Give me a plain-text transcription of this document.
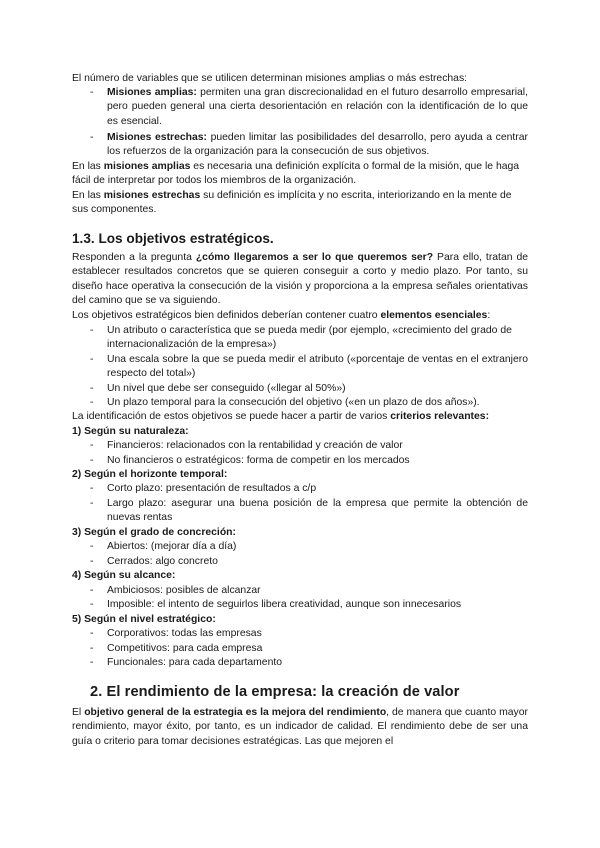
El número de variables que se utilicen determinan misiones amplias o más estrechas:

- Misiones amplias: permiten una gran discrecionalidad en el futuro desarrollo empresarial, pero pueden general una cierta desorientación en relación con la identificación de lo que es esencial.

- Misiones estrechas: pueden limitar las posibilidades del desarrollo, pero ayuda a centrar los refuerzos de la organización para la consecución de sus objetivos.

En las misiones amplias es necesaria una definición explícita o formal de la misión, que le haga fácil de interpretar por todos los miembros de la organización.

En las misiones estrechas su definición es implícita y no escrita, interiorizando en la mente de sus componentes.

1.3. Los objetivos estratégicos.

Responden a la pregunta ¿cómo llegaremos a ser lo que queremos ser? Para ello, tratan de establecer resultados concretos que se quieren conseguir a corto y medio plazo. Por tanto, su diseño hace operativa la consecución de la visión y proporciona a la empresa señales orientativas del camino que se va siguiendo.

Los objetivos estratégicos bien definidos deberían contener cuatro elementos esenciales:

- Un atributo o característica que se pueda medir (por ejemplo, «crecimiento del grado de internacionalización de la empresa»)

- Una escala sobre la que se pueda medir el atributo («porcentaje de ventas en el extranjero respecto del total»)

- Un nivel que debe ser conseguido («llegar al 50%»)

- Un plazo temporal para la consecución del objetivo («en un plazo de dos años»).

La identificación de estos objetivos se puede hacer a partir de varios criterios relevantes:

1) Según su naturaleza:

- Financieros: relacionados con la rentabilidad y creación de valor

- No financieros o estratégicos: forma de competir en los mercados

2) Según el horizonte temporal:

- Corto plazo: presentación de resultados a c/p

- Largo plazo: asegurar una buena posición de la empresa que permite la obtención de nuevas rentas

3) Según el grado de concreción:

- Abiertos: (mejorar día a día)

- Cerrados: algo concreto

4) Según su alcance:

- Ambiciosos: posibles de alcanzar

- Imposible: el intento de seguirlos libera creatividad, aunque son innecesarios

5) Según el nivel estratégico:

- Corporativos: todas las empresas

- Competitivos: para cada empresa

- Funcionales: para cada departamento

2. El rendimiento de la empresa: la creación de valor

El objetivo general de la estrategia es la mejora del rendimiento, de manera que cuanto mayor rendimiento, mayor éxito, por tanto, es un indicador de calidad. El rendimiento debe de ser una guía o criterio para tomar decisiones estratégicas. Las que mejoren el
